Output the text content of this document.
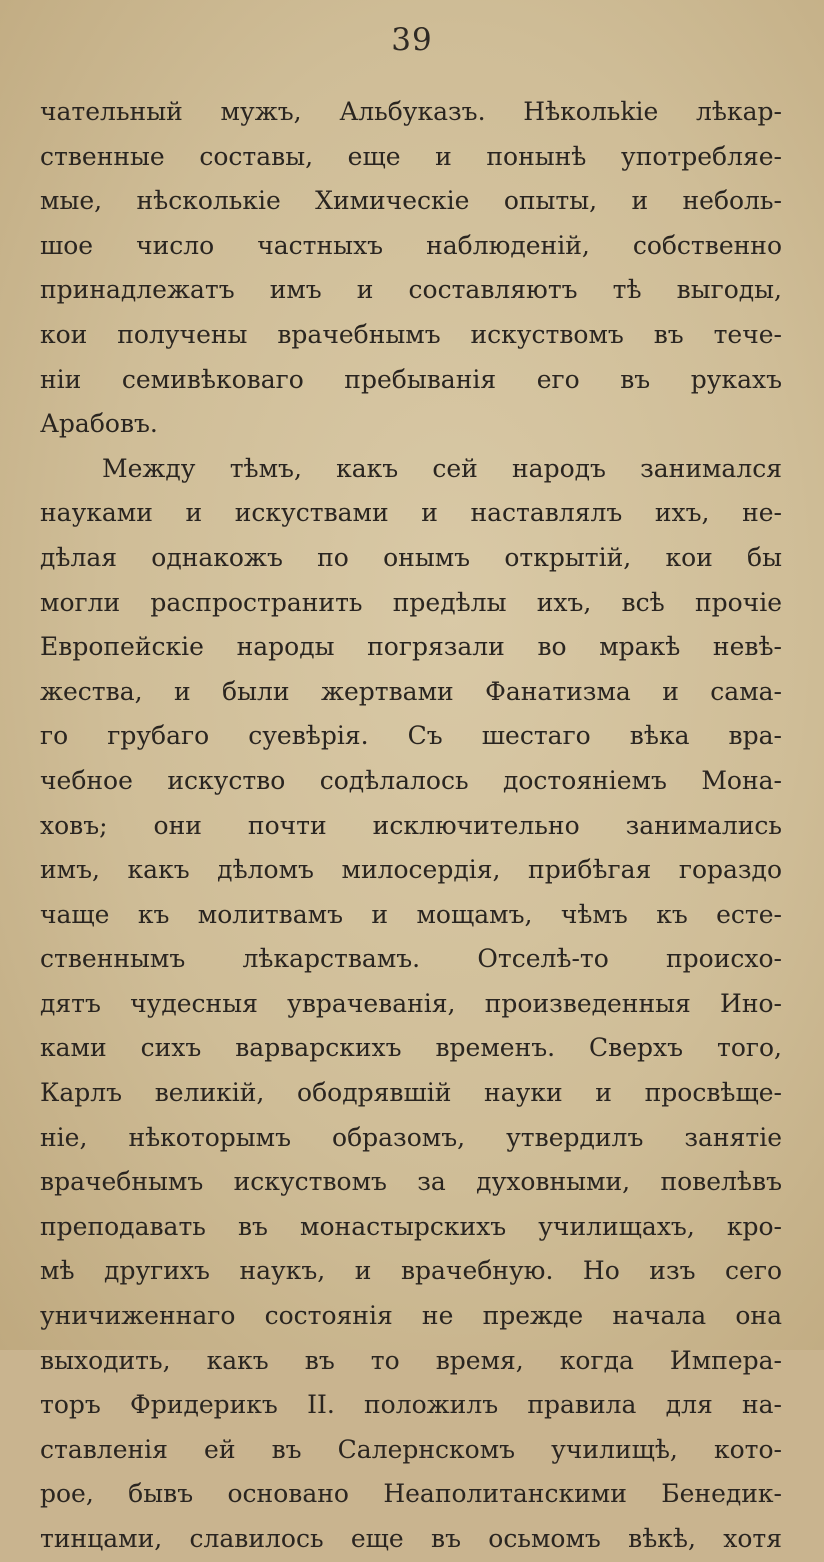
39
чательный мужъ, Альбуказъ. Нѣкольkie лѣкар-
ственные составы, еще и понынѣ употребляе-
мые, нѣсколькie Химическie опыты, и неболь-
шое число частныхъ наблюденій, собственно
принадлежатъ имъ и составляютъ тѣ выгоды,
кои получены врачебнымъ искуствомъ въ тече-
нiи семивѣковаго пребыванiя его въ рукахъ
Арабовъ.
Между тѣмъ, какъ сей народъ занимался
науками и искуствами и наставлялъ ихъ, не-
дѣлая однакожъ по онымъ открытiй, кои бы
могли распространить предѣлы ихъ, всѣ прочie
Европейскie народы погрязали во мракѣ невѣ-
жества, и были жертвами Фанатизма и сама-
го грубаго суевѣрiя. Съ шестаго вѣка вра-
чебное искуство содѣлалось достоянiемъ Мона-
ховъ; они почти исключительно занимались
имъ, какъ дѣломъ милосердiя, прибѣгая гораздо
чаще къ молитвамъ и мощамъ, чѣмъ къ есте-
ственнымъ лѣкарствамъ. Отселѣ-то происхо-
дятъ чудесныя уврачеванiя, произведенныя Ино-
ками сихъ варварскихъ временъ. Сверхъ того,
Карлъ великiй, ободрявшiй науки и просвѣще-
нie, нѣкоторымъ образомъ, утвердилъ занятie
врачебнымъ искуствомъ за духовными, повелѣвъ
преподавать въ монастырскихъ училищахъ, кро-
мѣ другихъ наукъ, и врачебную. Но изъ сего
уничиженнаго состоянiя не прежде начала она
выходить, какъ въ то время, когда Импера-
торъ Фридерикъ II. положилъ правила для на-
ставленiя ей въ Салернскомъ училищѣ, кото-
рое, бывъ основано Неаполитанскими Бенедик-
тинцами, славилось еще въ осьмомъ вѣкѣ, хотя
